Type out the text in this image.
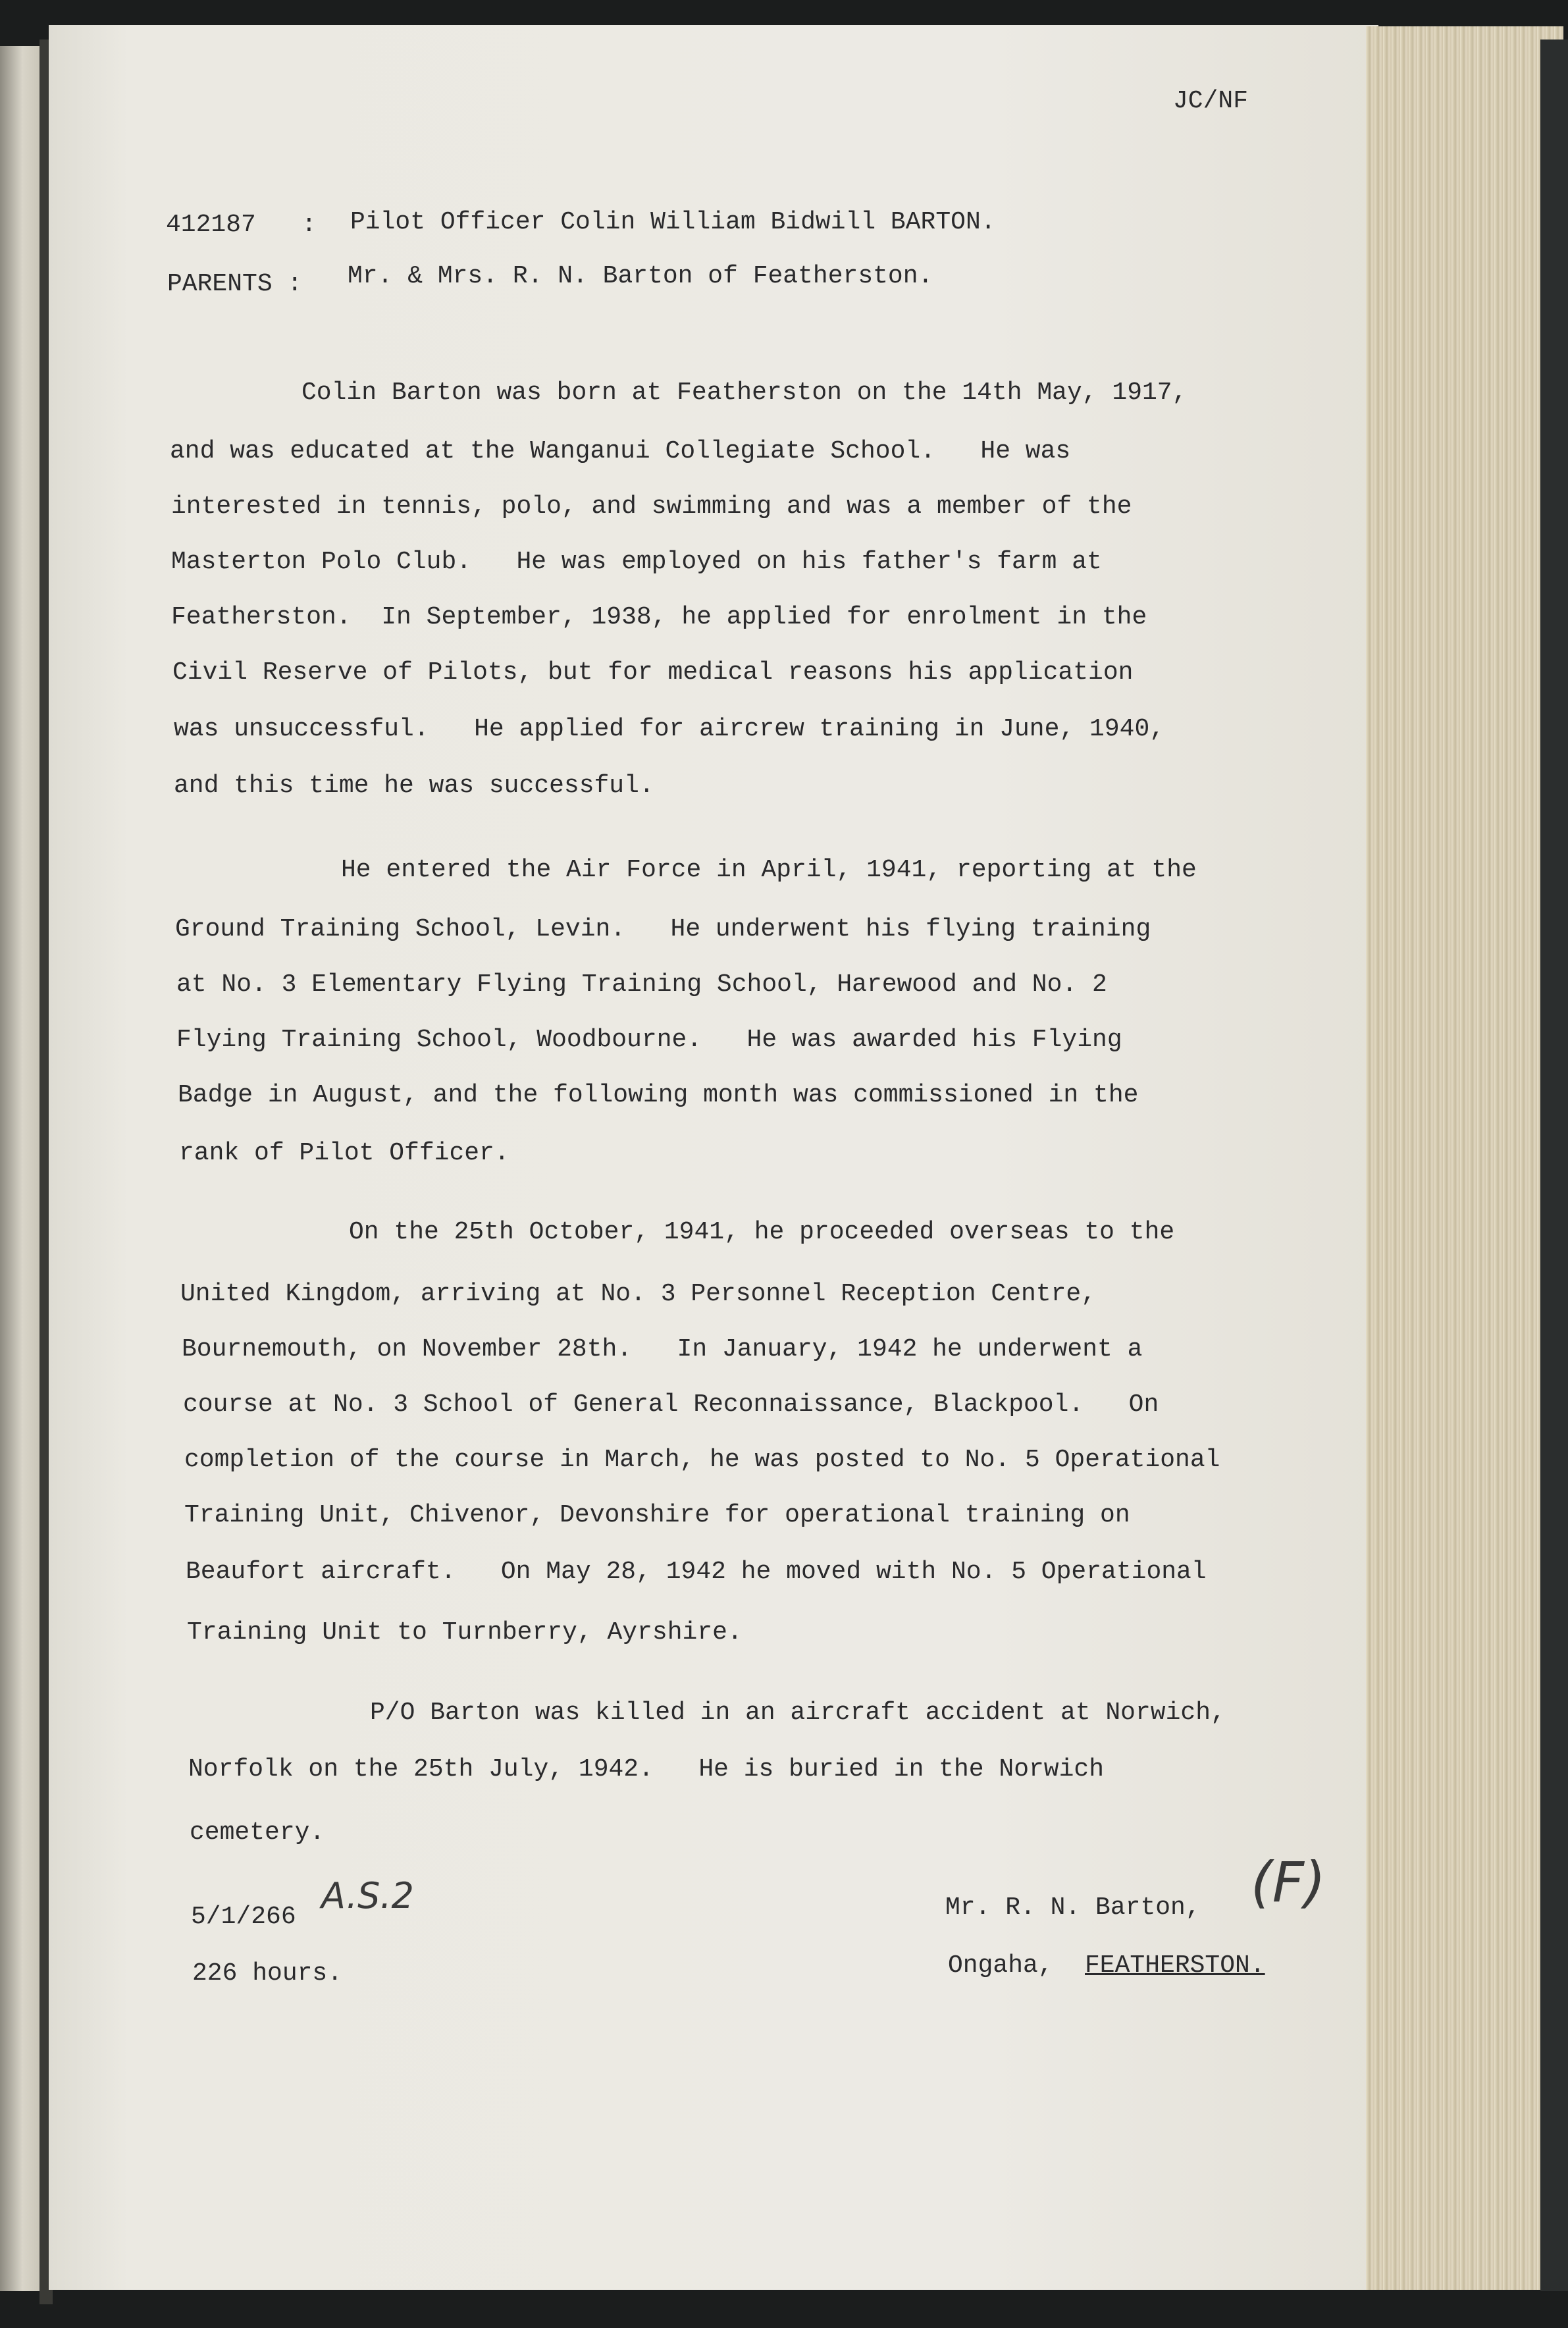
JC/NF
412187 : Pilot Officer Colin William Bidwill BARTON.
PARENTS : Mr. & Mrs. R. N. Barton of Featherston.
Colin Barton was born at Featherston on the 14th May, 1917,
and was educated at the Wanganui Collegiate School.   He was
interested in tennis, polo, and swimming and was a member of the
Masterton Polo Club.   He was employed on his father's farm at
Featherston.  In September, 1938, he applied for enrolment in the
Civil Reserve of Pilots, but for medical reasons his application
was unsuccessful.   He applied for aircrew training in June, 1940,
and this time he was successful.
He entered the Air Force in April, 1941, reporting at the
Ground Training School, Levin.   He underwent his flying training
at No. 3 Elementary Flying Training School, Harewood and No. 2
Flying Training School, Woodbourne.   He was awarded his Flying
Badge in August, and the following month was commissioned in the
rank of Pilot Officer.
On the 25th October, 1941, he proceeded overseas to the
United Kingdom, arriving at No. 3 Personnel Reception Centre,
Bournemouth, on November 28th.   In January, 1942 he underwent a
course at No. 3 School of General Reconnaissance, Blackpool.   On
completion of the course in March, he was posted to No. 5 Operational
Training Unit, Chivenor, Devonshire for operational training on
Beaufort aircraft.   On May 28, 1942 he moved with No. 5 Operational
Training Unit to Turnberry, Ayrshire.
P/O Barton was killed in an aircraft accident at Norwich,
Norfolk on the 25th July, 1942.   He is buried in the Norwich
cemetery.
5/1/266
A.S.2
226 hours.
Mr. R. N. Barton, (F)
Ongaha, FEATHERSTON.
